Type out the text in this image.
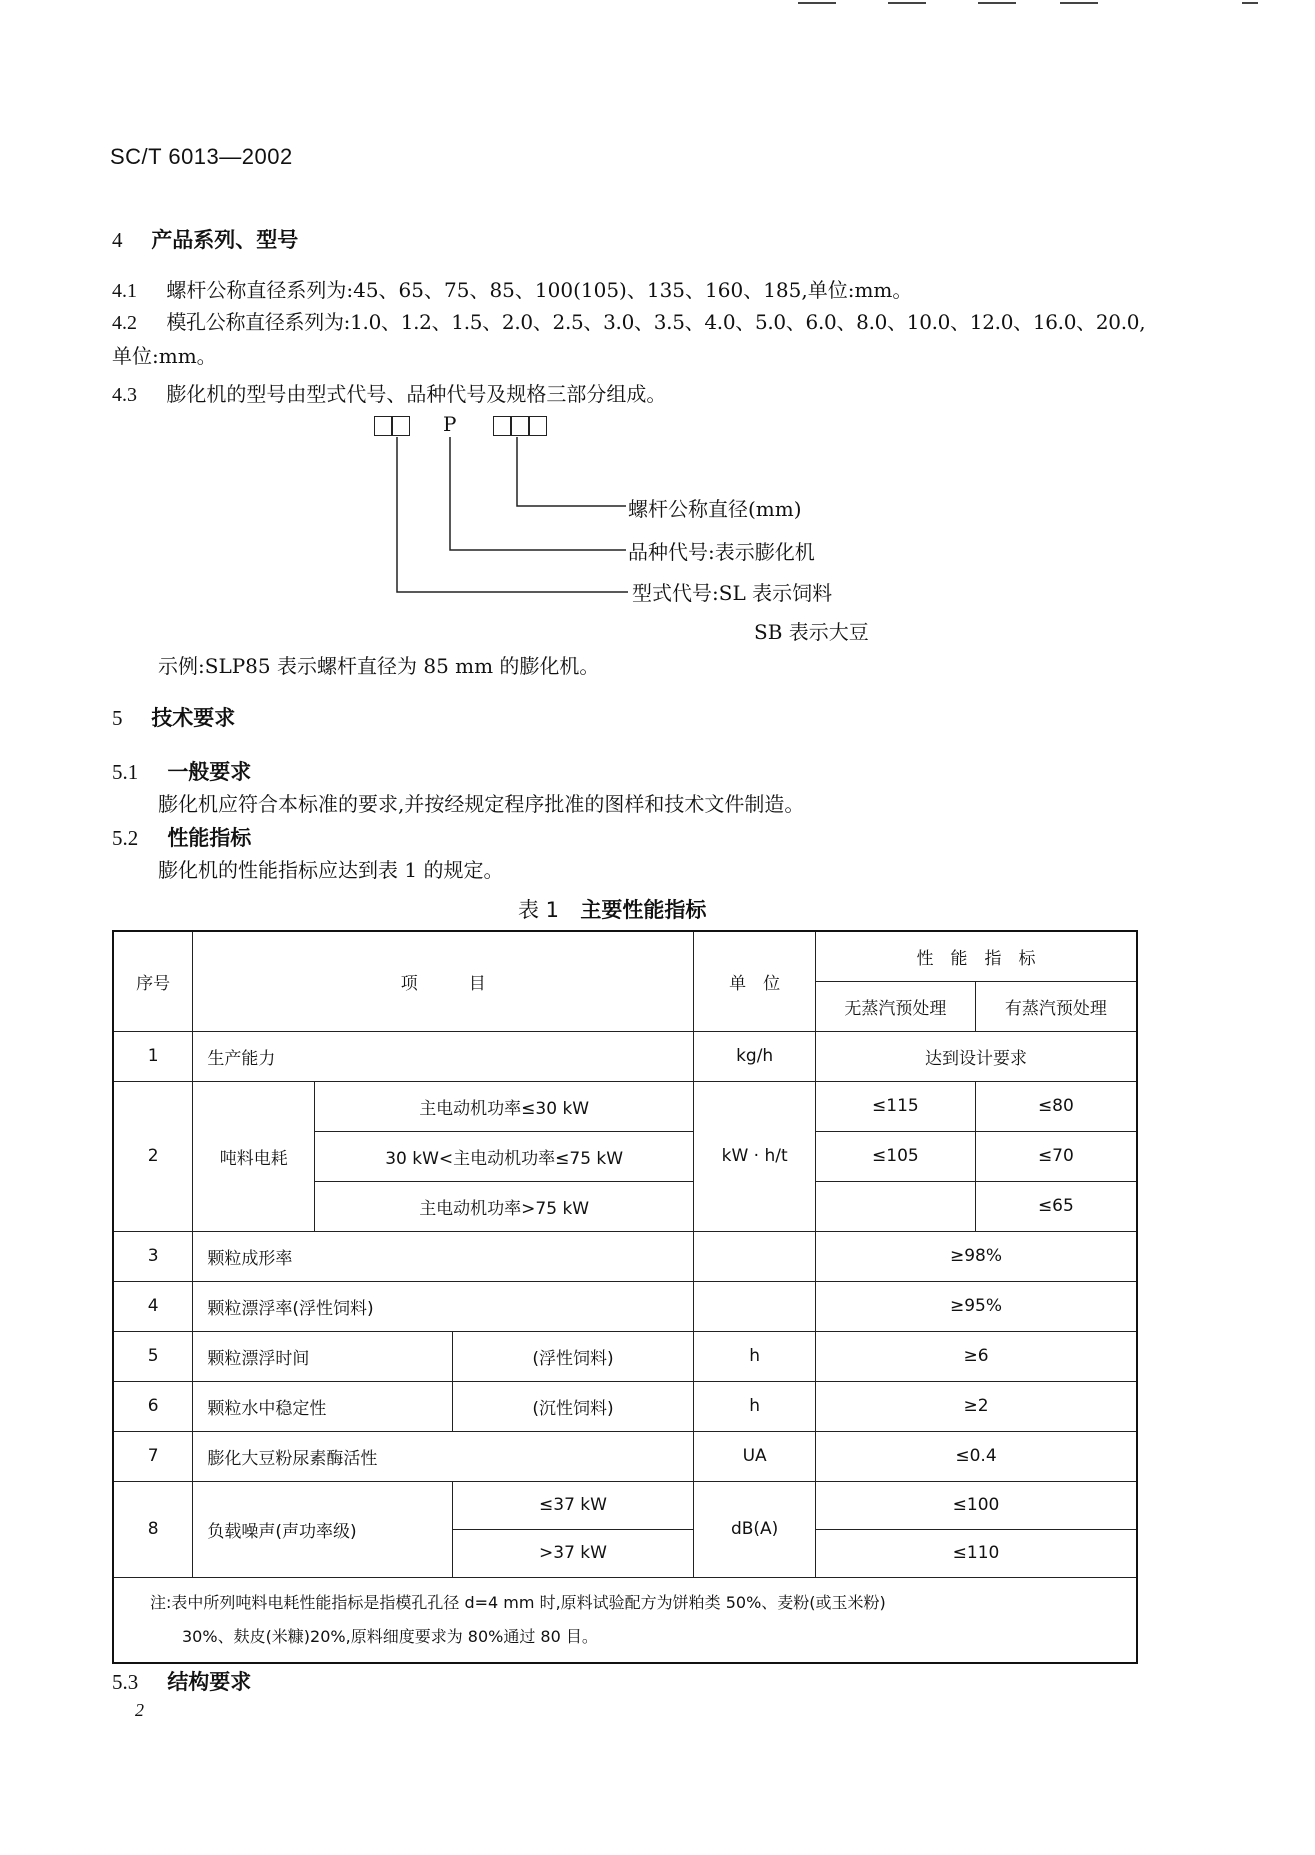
SC/T 6013—2002
4 产品系列、型号
4.1 螺杆公称直径系列为:45、65、75、85、100(105)、135、160、185,单位:mm。
4.2 模孔公称直径系列为:1.0、1.2、1.5、2.0、2.5、3.0、3.5、4.0、5.0、6.0、8.0、10.0、12.0、16.0、20.0,
单位:mm。
4.3 膨化机的型号由型式代号、品种代号及规格三部分组成。
P
螺杆公称直径(mm)
品种代号:表示膨化机
型式代号:SL 表示饲料
SB 表示大豆
示例:SLP85 表示螺杆直径为 85 mm 的膨化机。
5 技术要求
5.1 一般要求
膨化机应符合本标准的要求,并按经规定程序批准的图样和技术文件制造。
5.2 性能指标
膨化机的性能指标应达到表 1 的规定。
表 1 主要性能指标
序号	项　　　目			单　位	性　能　指　标	
					无蒸汽预处理	有蒸汽预处理
1	生产能力			kg/h	达到设计要求	
2	吨料电耗	主电动机功率≤30 kW		kW · h/t	≤115	≤80
		30 kW<主电动机功率≤75 kW			≤105	≤70
		主电动机功率>75 kW				≤65
3	颗粒成形率				≥98%	
4	颗粒漂浮率(浮性饲料)				≥95%	
5	颗粒漂浮时间		(浮性饲料)	h	≥6	
6	颗粒水中稳定性		(沉性饲料)	h	≥2	
7	膨化大豆粉尿素酶活性			UA	≤0.4	
8	负载噪声(声功率级)		≤37 kW	dB(A)	≤100	
			>37 kW		≤110	

注:表中所列吨料电耗性能指标是指模孔孔径 d=4 mm 时,原料试验配方为饼粕类 50%、麦粉(或玉米粉)
30%、麸皮(米糠)20%,原料细度要求为 80%通过 80 目。						
5.3 结构要求
2
